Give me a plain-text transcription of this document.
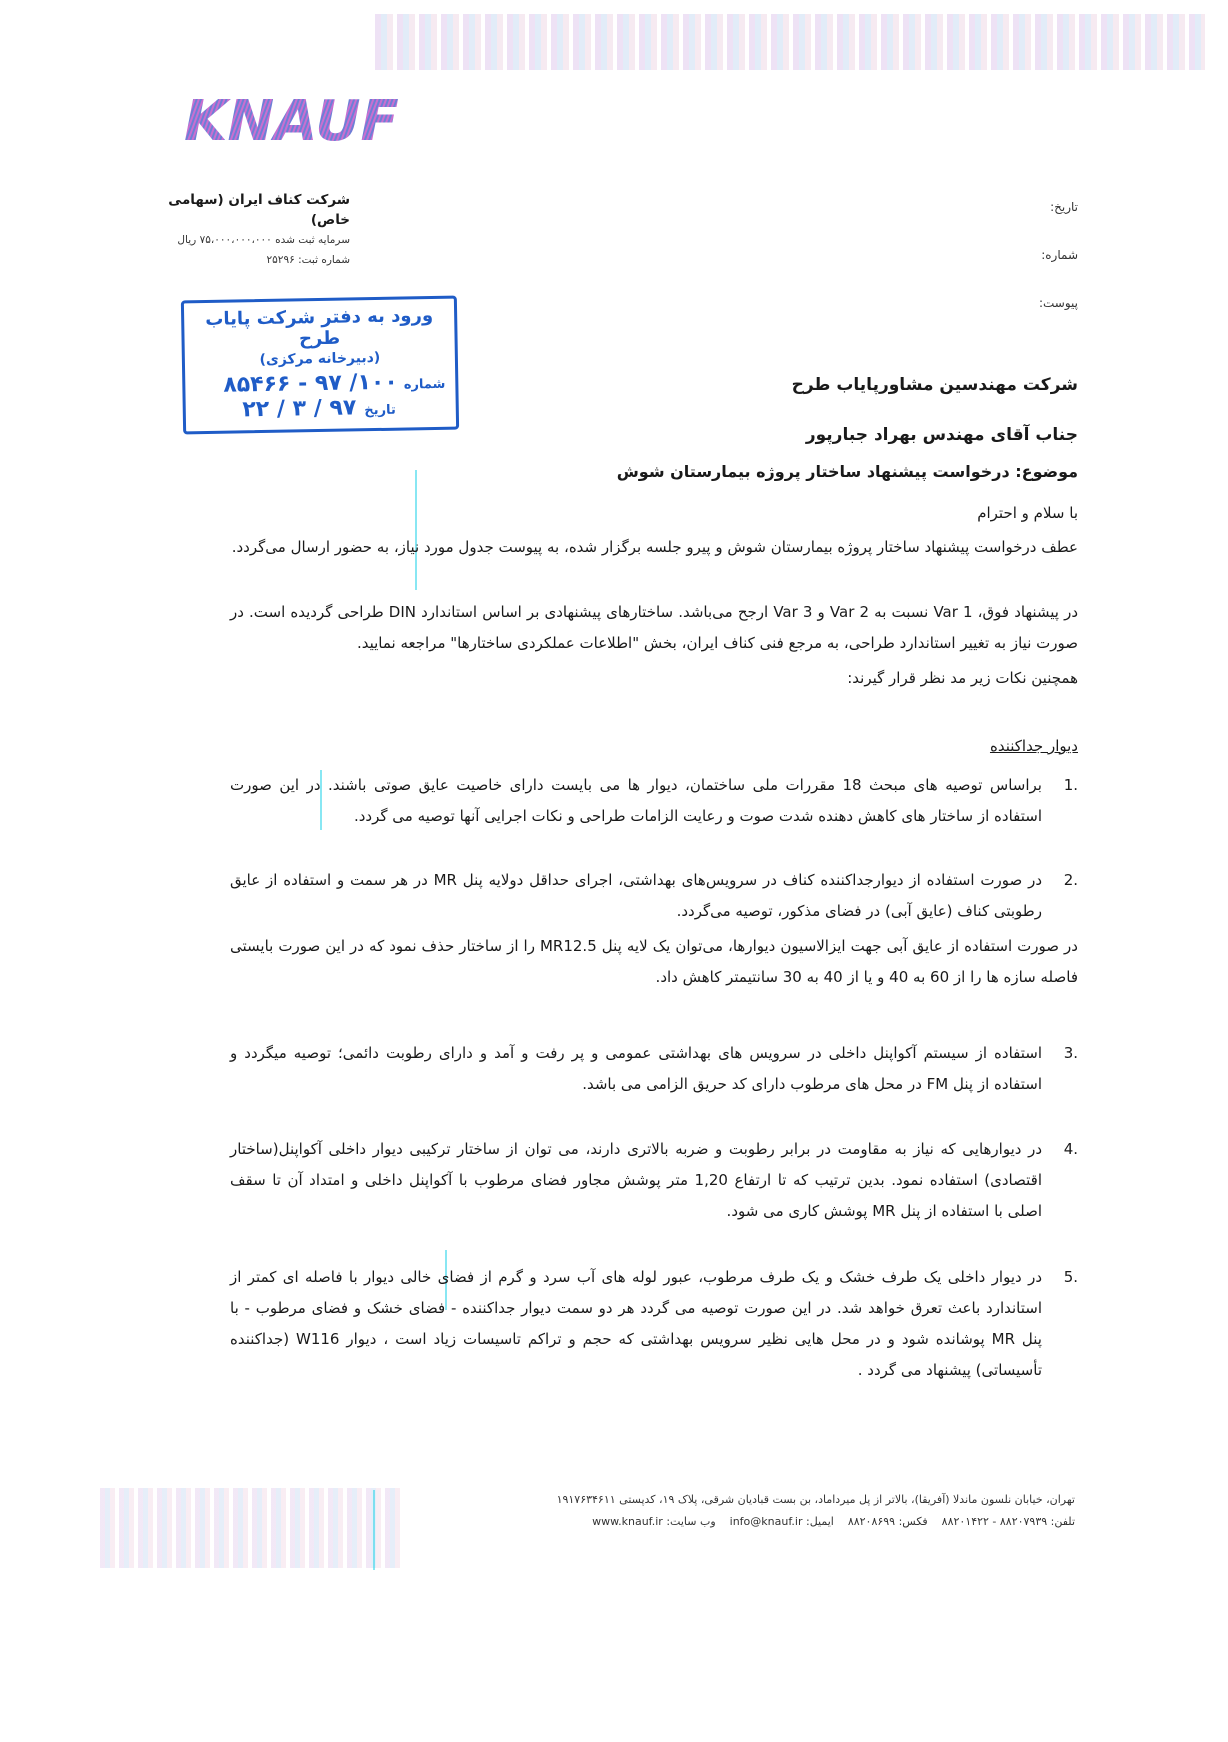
KNAUF
شرکت کناف ایران (سهامی خاص)
سرمایه ثبت شده ۷۵،۰۰۰،۰۰۰،۰۰۰ ریال
شماره ثبت: ۲۵۲۹۶
تاریخ:
شماره:
پیوست:
ورود به دفتر شرکت پایاب طرح
(دبیرخانه مرکزی)
شماره۱۰۰/ ۹۷ - ۸۵۴۶۶
تاریخ۹۷ / ۳ / ۲۲
شرکت مهندسین مشاورپایاب طرح
جناب آقای مهندس بهراد جبارپور
موضوع: درخواست پیشنهاد ساختار پروژه بیمارستان شوش
با سلام و احترام
عطف درخواست پیشنهاد ساختار پروژه بیمارستان شوش و پیرو جلسه برگزار شده، به پیوست جدول مورد نیاز، به حضور ارسال می‌گردد.
در پیشنهاد فوق، Var 1 نسبت به Var 2 و Var 3 ارجح می‌باشد. ساختارهای پیشنهادی بر اساس استاندارد DIN طراحی گردیده است. در صورت نیاز به تغییر استاندارد طراحی، به مرجع فنی کناف ایران، بخش "اطلاعات عملکردی ساختارها" مراجعه نمایید.
همچنین نکات زیر مد نظر قرار گیرند:
دیوار جداکننده
1.
براساس توصیه های مبحث 18 مقررات ملی ساختمان، دیوار ها می بایست دارای خاصیت عایق صوتی باشند. در این صورت استفاده از ساختار های کاهش دهنده شدت صوت و رعایت الزامات طراحی و نکات اجرایی آنها توصیه می گردد.
2.
در صورت استفاده از دیوارجداکننده کناف در سرویس‌های بهداشتی، اجرای حداقل دولایه پنل MR در هر سمت و استفاده از عایق رطوبتی کناف (عایق آبی) در فضای مذکور، توصیه می‌گردد.
در صورت استفاده از عایق آبی جهت ایزالاسیون دیوارها، می‌توان یک لایه پنل MR12.5 را از ساختار حذف نمود که در این صورت بایستی فاصله سازه ها را از 60 به 40 و یا از 40 به 30 سانتیمتر کاهش داد.
3.
استفاده از سیستم آکواپنل داخلی در سرویس های بهداشتی عمومی و پر رفت و آمد و دارای رطوبت دائمی؛ توصیه میگردد و استفاده از پنل FM در محل های مرطوب دارای کد حریق الزامی می باشد.
4.
در دیوارهایی که نیاز به مقاومت در برابر رطوبت و ضربه بالاتری دارند، می توان از ساختار ترکیبی دیوار داخلی آکواپنل(ساختار اقتصادی) استفاده نمود. بدین ترتیب که تا ارتفاع 1,20 متر پوشش مجاور فضای مرطوب با آکواپنل داخلی و امتداد آن تا سقف اصلی با استفاده از پنل MR پوشش کاری می شود.
5.
در دیوار داخلی یک طرف خشک و یک طرف مرطوب، عبور لوله های آب سرد و گرم از فضای خالی دیوار با فاصله ای کمتر از استاندارد باعث تعرق خواهد شد. در این صورت توصیه می گردد هر دو سمت دیوار جداکننده - فضای خشک و فضای مرطوب - با پنل MR پوشانده شود و در محل هایی نظیر سرویس بهداشتی که حجم و تراکم تاسیسات زیاد است ، دیوار W116 (جداکننده تأسیساتی) پیشنهاد می گردد .
تهران، خیابان نلسون ماندلا (آفریقا)، بالاتر از پل میرداماد، بن بست قبادیان شرقی، پلاک ۱۹، کدپستی ۱۹۱۷۶۳۴۶۱۱
تلفن: ۸۸۲۰۷۹۳۹ - ۸۸۲۰۱۴۲۲    فکس: ۸۸۲۰۸۶۹۹    ایمیل: info@knauf.ir    وب سایت: www.knauf.ir
